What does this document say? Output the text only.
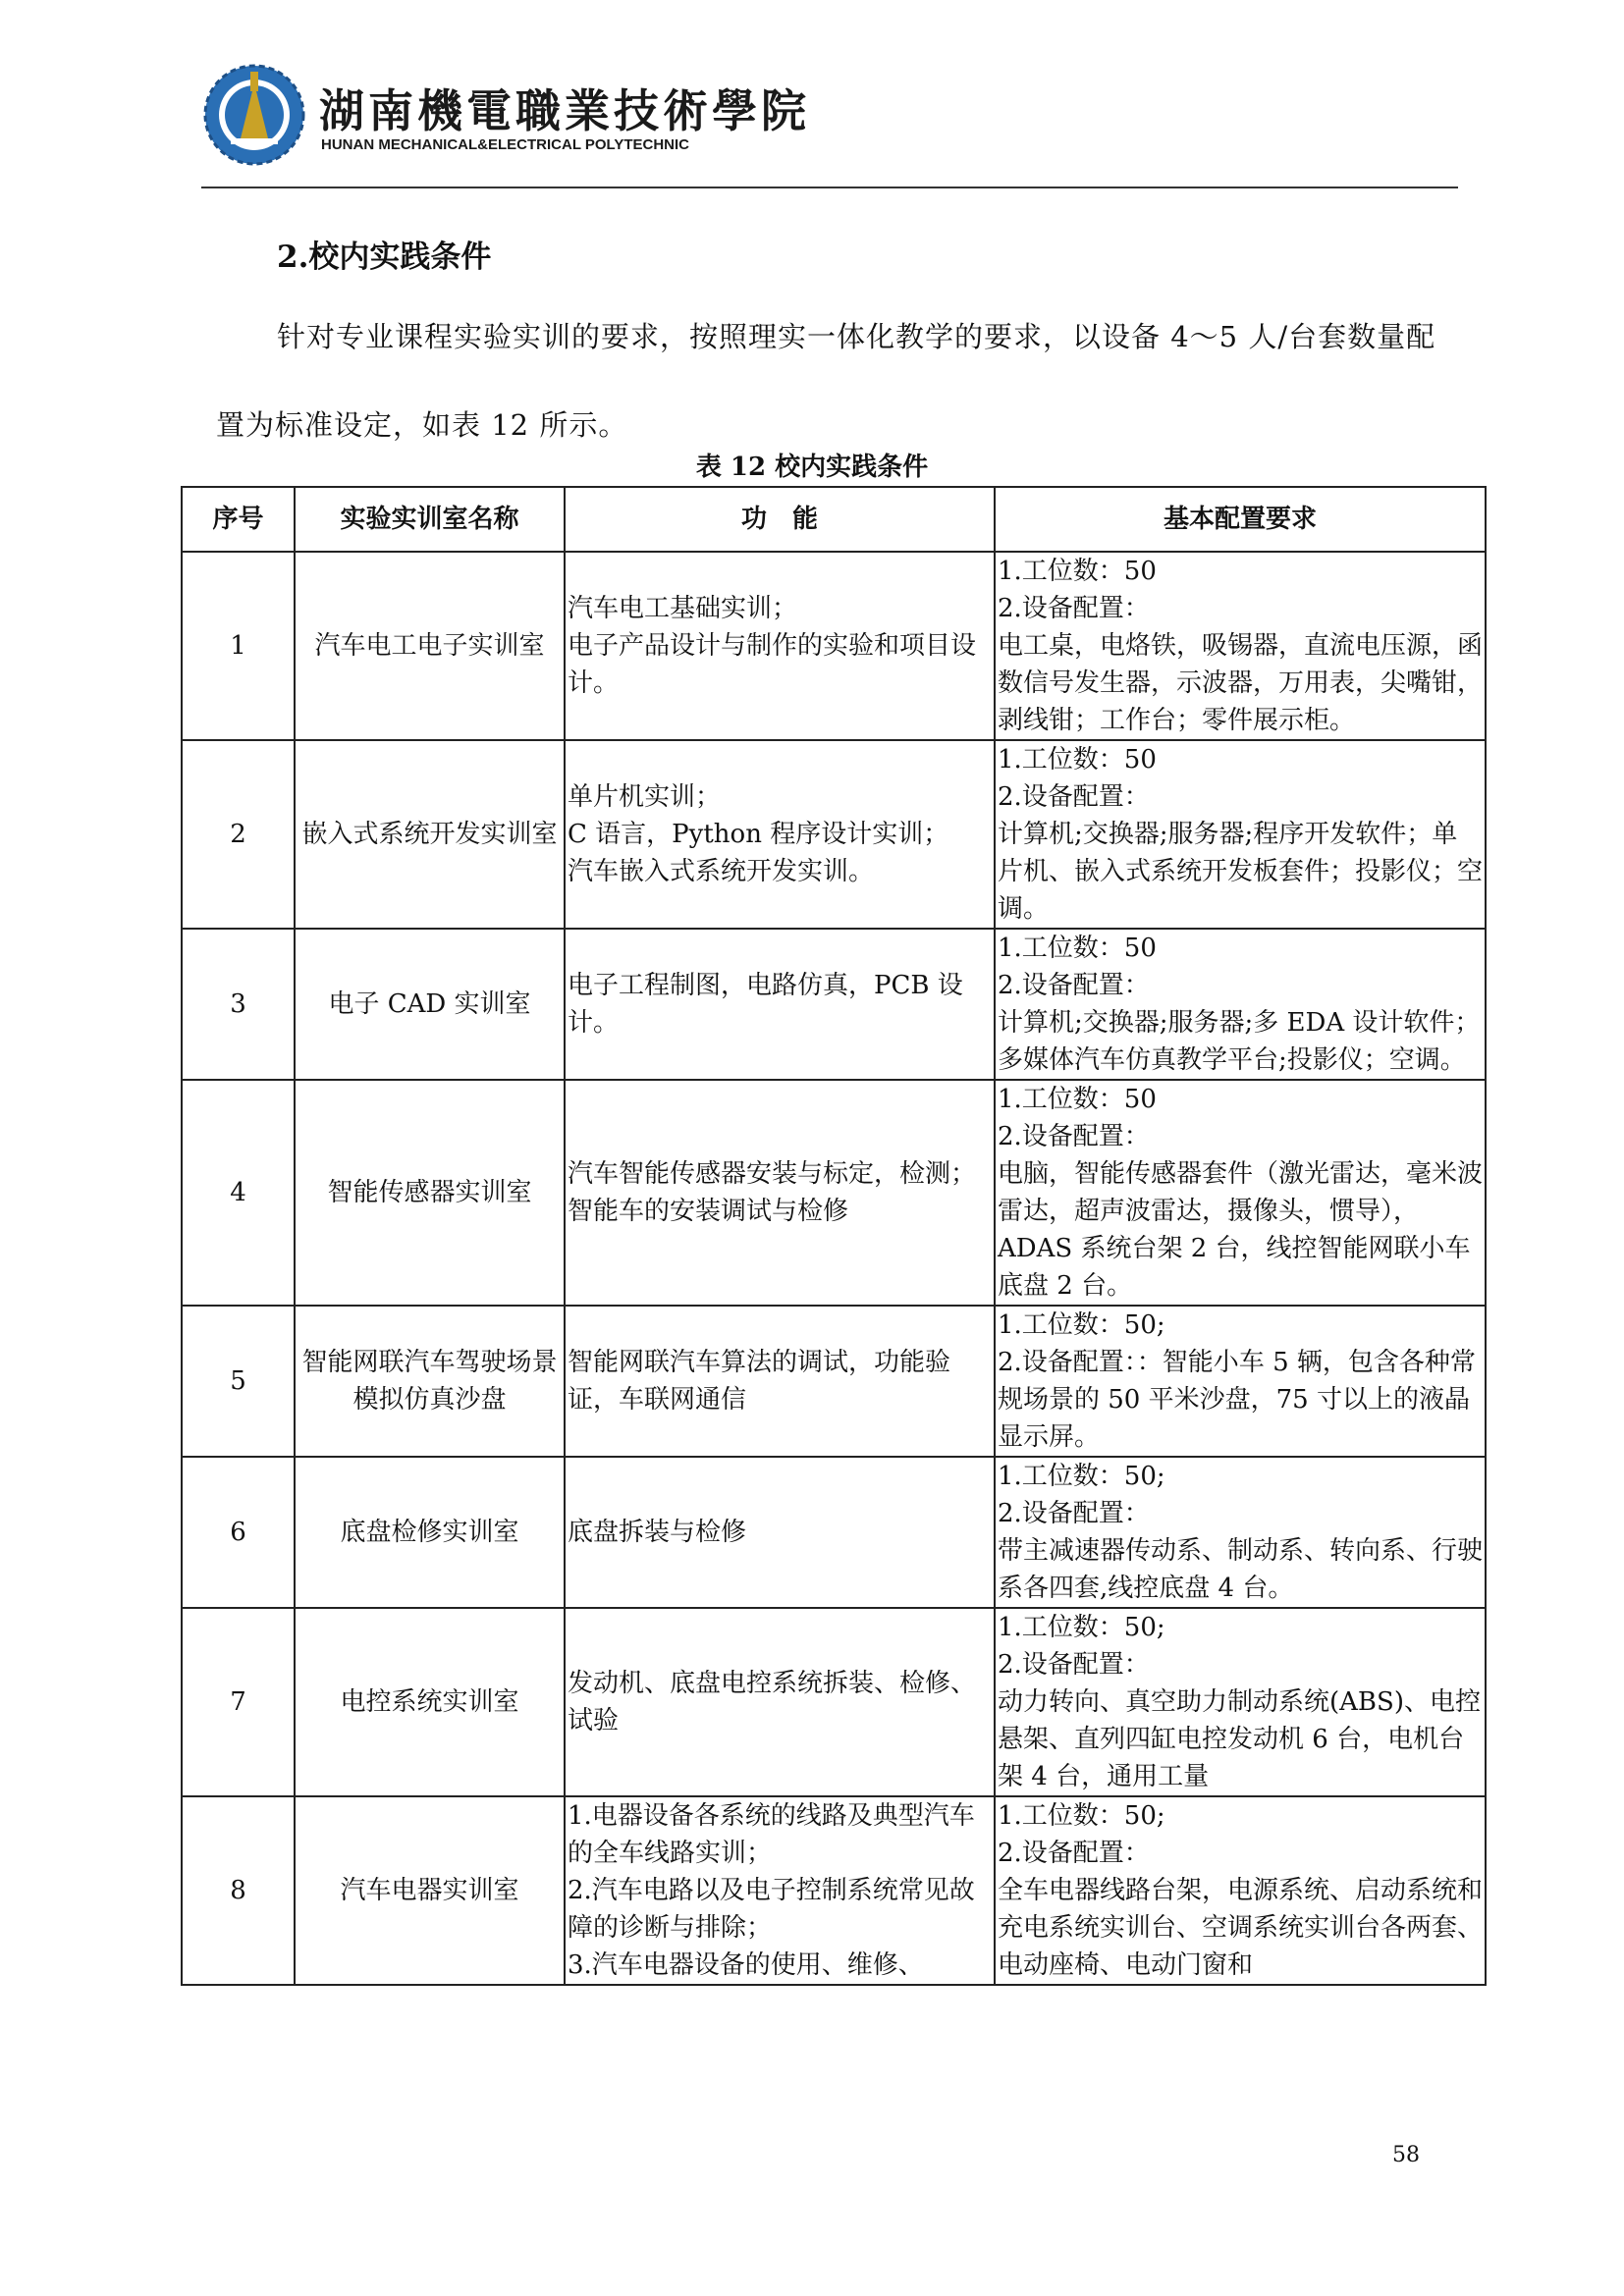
湖南機電職業技術學院
HUNAN MECHANICAL&ELECTRICAL POLYTECHNIC
2.校内实践条件

针对专业课程实验实训的要求，按照理实一体化教学的要求，以设备 4～5 人/台套数量配置为标准设定，如表 12 所示。

表 12 校内实践条件
序号	实验实训室名称	功　能	基本配置要求
1	汽车电工电子实训室	汽车电工基础实训；
电子产品设计与制作的实验和项目设计。	1.工位数：50
2.设备配置：
电工桌，电烙铁，吸锡器，直流电压源，函数信号发生器，示波器，万用表，尖嘴钳，剥线钳；工作台；零件展示柜。

2	嵌入式系统开发实训室	单片机实训；
C 语言，Python 程序设计实训；
汽车嵌入式系统开发实训。	1.工位数：50
2.设备配置：
计算机;交换器;服务器;程序开发软件；单片机、嵌入式系统开发板套件；投影仪；空调。

3	电子 CAD 实训室	电子工程制图，电路仿真，PCB 设计。	1.工位数：50
2.设备配置：
计算机;交换器;服务器;多 EDA 设计软件；多媒体汽车仿真教学平台;投影仪；空调。

4	智能传感器实训室	汽车智能传感器安装与标定，检测；
智能车的安装调试与检修	1.工位数：50
2.设备配置：
电脑，智能传感器套件（激光雷达，毫米波雷达，超声波雷达，摄像头，惯导），
ADAS 系统台架 2 台，线控智能网联小车底盘 2 台。

5	智能网联汽车驾驶场景模拟仿真沙盘	智能网联汽车算法的调试，功能验证，车联网通信	1.工位数：50;
2.设备配置：：智能小车 5 辆，包含各种常规场景的 50 平米沙盘，75 寸以上的液晶显示屏。

6	底盘检修实训室	底盘拆装与检修	1.工位数：50;
2.设备配置：
带主减速器传动系、制动系、转向系、行驶系各四套,线控底盘 4 台。

7	电控系统实训室	发动机、底盘电控系统拆装、检修、试验	1.工位数：50;
2.设备配置：
动力转向、真空助力制动系统(ABS)、电控悬架、直列四缸电控发动机 6 台，电机台架 4 台，通用工量

8	汽车电器实训室	1.电器设备各系统的线路及典型汽车的全车线路实训；
2.汽车电路以及电子控制系统常见故障的诊断与排除；
3.汽车电器设备的使用、维修、	1.工位数：50;
2.设备配置：
全车电器线路台架，电源系统、启动系统和充电系统实训台、空调系统实训台各两套、电动座椅、电动门窗和
58
